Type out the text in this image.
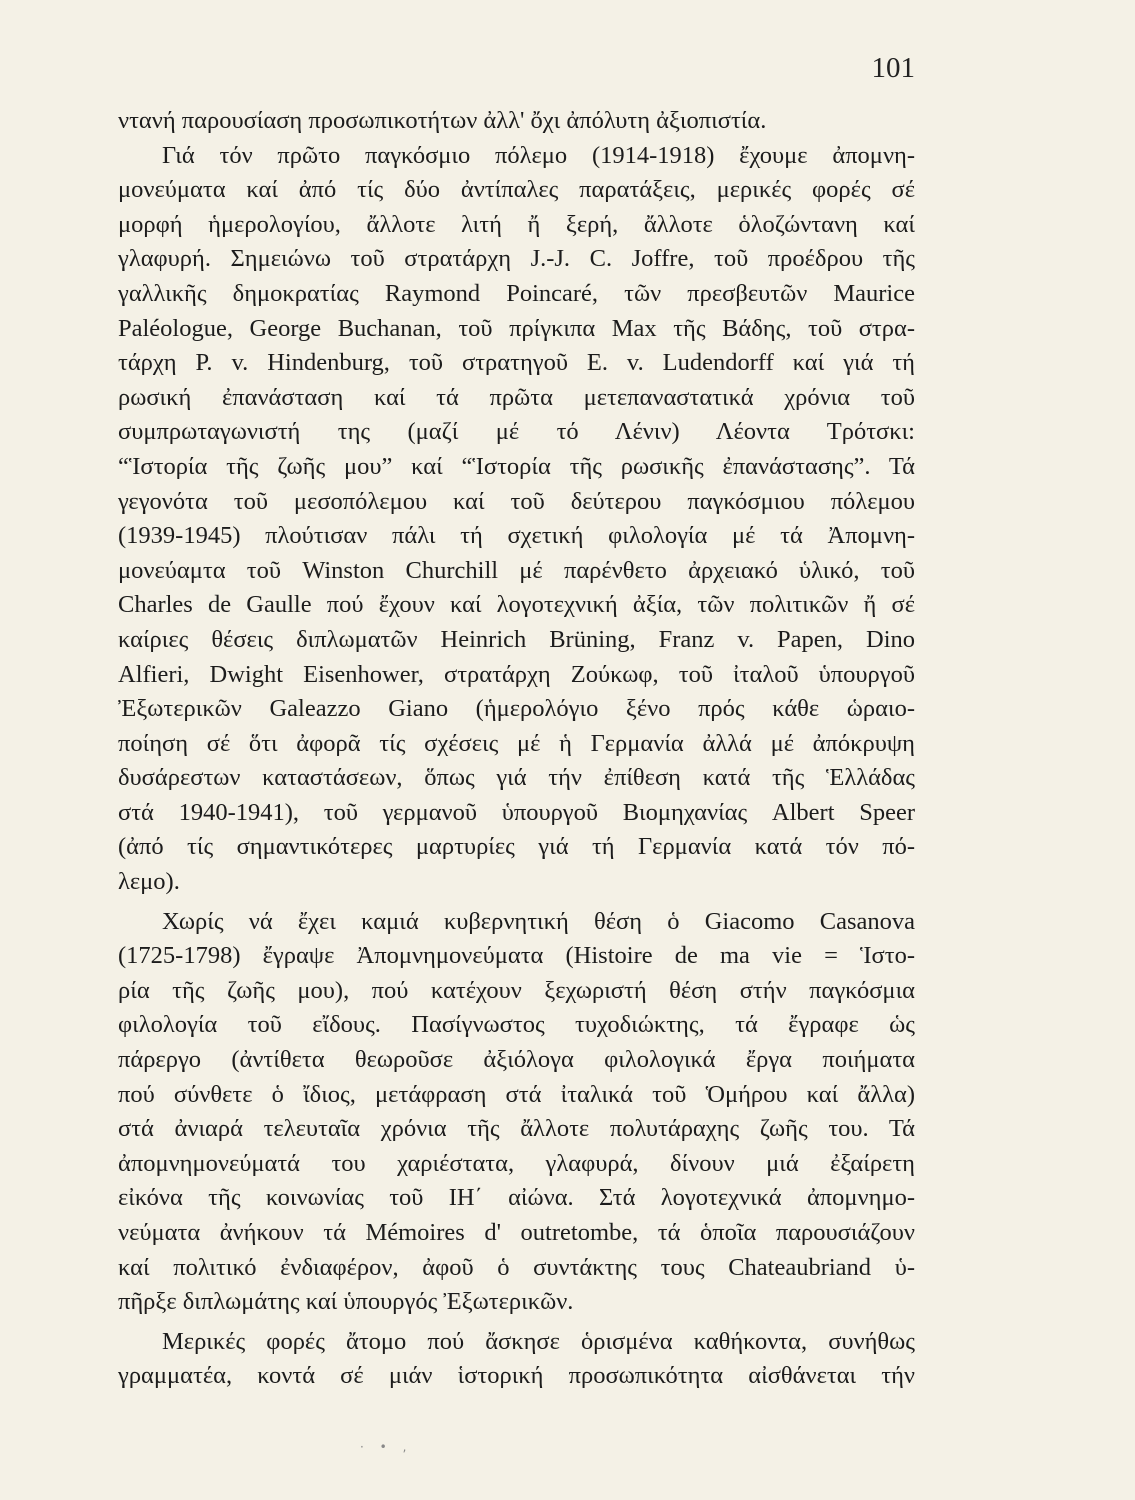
101
ντανή παρουσίαση προσωπικοτήτων ἀλλ' ὄχι ἀπόλυτη ἀξιοπιστία.
Γιά τόν πρῶτο παγκόσμιο πόλεμο (1914-1918) ἔχουμε ἀπομνη-
μονεύματα καί ἀπό τίς δύο ἀντίπαλες παρατάξεις, μερικές φορές σέ
μορφή ἡμερολογίου, ἄλλοτε λιτή ἤ ξερή, ἄλλοτε ὁλοζώντανη καί
γλαφυρή. Σημειώνω τοῦ στρατάρχη J.-J. C. Joffre, τοῦ προέδρου τῆς
γαλλικῆς δημοκρατίας Raymond Poincaré, τῶν πρεσβευτῶν Maurice
Paléologue, George Buchanan, τοῦ πρίγκιπα Max τῆς Βάδης, τοῦ στρα-
τάρχη P. v. Hindenburg, τοῦ στρατηγοῦ E. v. Ludendorff καί γιά τή
ρωσική ἐπανάσταση καί τά πρῶτα μετεπαναστατικά χρόνια τοῦ
συμπρωταγωνιστή της (μαζί μέ τό Λένιν) Λέοντα Τρότσκι:
“Ἱστορία τῆς ζωῆς μου” καί “Ἱστορία τῆς ρωσικῆς ἐπανάστασης”. Τά
γεγονότα τοῦ μεσοπόλεμου καί τοῦ δεύτερου παγκόσμιου πόλεμου
(1939-1945) πλούτισαν πάλι τή σχετική φιλολογία μέ τά Ἀπομνη-
μονεύαμτα τοῦ Winston Churchill μέ παρένθετο ἀρχειακό ὑλικό, τοῦ
Charles de Gaulle πού ἔχουν καί λογοτεχνική ἀξία, τῶν πολιτικῶν ἤ σέ
καίριες θέσεις διπλωματῶν Heinrich Brüning, Franz v. Papen, Dino
Alfieri, Dwight Eisenhower, στρατάρχη Ζούκωφ, τοῦ ἰταλοῦ ὑπουργοῦ
Ἐξωτερικῶν Galeazzo Giano (ἡμερολόγιο ξένο πρός κάθε ὡραιο-
ποίηση σέ ὅτι ἀφορᾶ τίς σχέσεις μέ ἡ Γερμανία ἀλλά μέ ἀπόκρυψη
δυσάρεστων καταστάσεων, ὅπως γιά τήν ἐπίθεση κατά τῆς Ἑλλάδας
στά 1940-1941), τοῦ γερμανοῦ ὑπουργοῦ Βιομηχανίας Albert Speer
(ἀπό τίς σημαντικότερες μαρτυρίες γιά τή Γερμανία κατά τόν πό-
λεμο).
Χωρίς νά ἔχει καμιά κυβερνητική θέση ὁ Giacomo Casanova
(1725-1798) ἔγραψε Ἀπομνημονεύματα (Histoire de ma vie = Ἱστο-
ρία τῆς ζωῆς μου), πού κατέχουν ξεχωριστή θέση στήν παγκόσμια
φιλολογία τοῦ εἴδους. Πασίγνωστος τυχοδιώκτης, τά ἔγραφε ὡς
πάρεργο (ἀντίθετα θεωροῦσε ἀξιόλογα φιλολογικά ἔργα ποιήματα
πού σύνθετε ὁ ἴδιος, μετάφραση στά ἰταλικά τοῦ Ὁμήρου καί ἄλλα)
στά ἀνιαρά τελευταῖα χρόνια τῆς ἄλλοτε πολυτάραχης ζωῆς του. Τά
ἀπομνημονεύματά του χαριέστατα, γλαφυρά, δίνουν μιά ἐξαίρετη
εἰκόνα τῆς κοινωνίας τοῦ ΙΗ΄ αἰώνα. Στά λογοτεχνικά ἀπομνημο-
νεύματα ἀνήκουν τά Mémoires d' outretombe, τά ὁποῖα παρουσιάζουν
καί πολιτικό ἐνδιαφέρον, ἀφοῦ ὁ συντάκτης τους Chateaubriand ὑ-
πῆρξε διπλωμάτης καί ὑπουργός Ἐξωτερικῶν.
Μερικές φορές ἄτομο πού ἄσκησε ὁρισμένα καθήκοντα, συνήθως
γραμματέα, κοντά σέ μιάν ἱστορική προσωπικότητα αἰσθάνεται τήν
· • ‚
